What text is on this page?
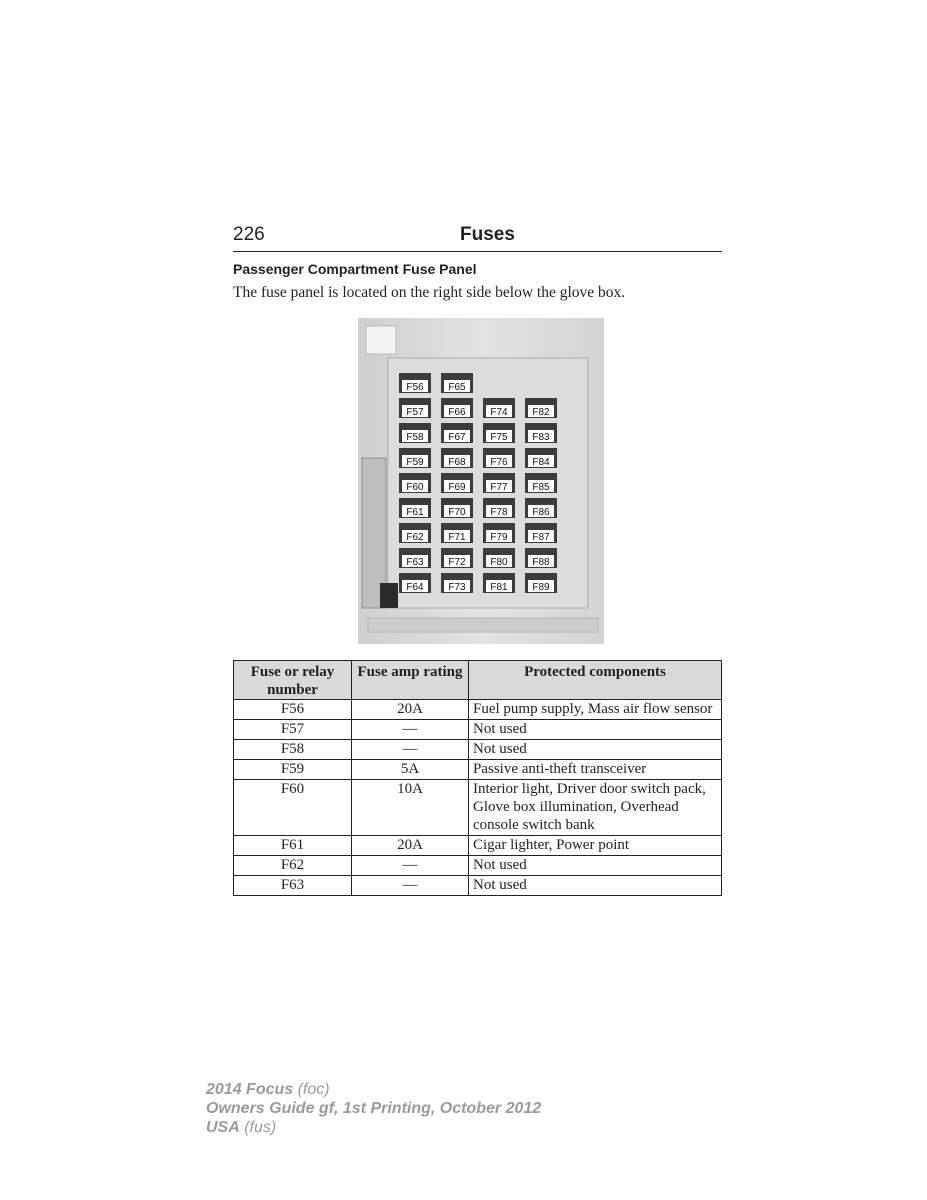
226	Fuses
Passenger Compartment Fuse Panel
The fuse panel is located on the right side below the glove box.
F56
F57
F58
F59
F60
F61
F62
F63
F64
F65
F66
F67
F68
F69
F70
F71
F72
F73
F74
F75
F76
F77
F78
F79
F80
F81
F82
F83
F84
F85
F86
F87
F88
F89
Fuse or relay number	Fuse amp rating	Protected components
F56	20A	Fuel pump supply, Mass air flow sensor
F57	—	Not used
F58	—	Not used
F59	5A	Passive anti-theft transceiver
F60	10A	Interior light, Driver door switch pack, Glove box illumination, Overhead console switch bank
F61	20A	Cigar lighter, Power point
F62	—	Not used
F63	—	Not used
2014 Focus (foc)
Owners Guide gf, 1st Printing, October 2012
USA (fus)
